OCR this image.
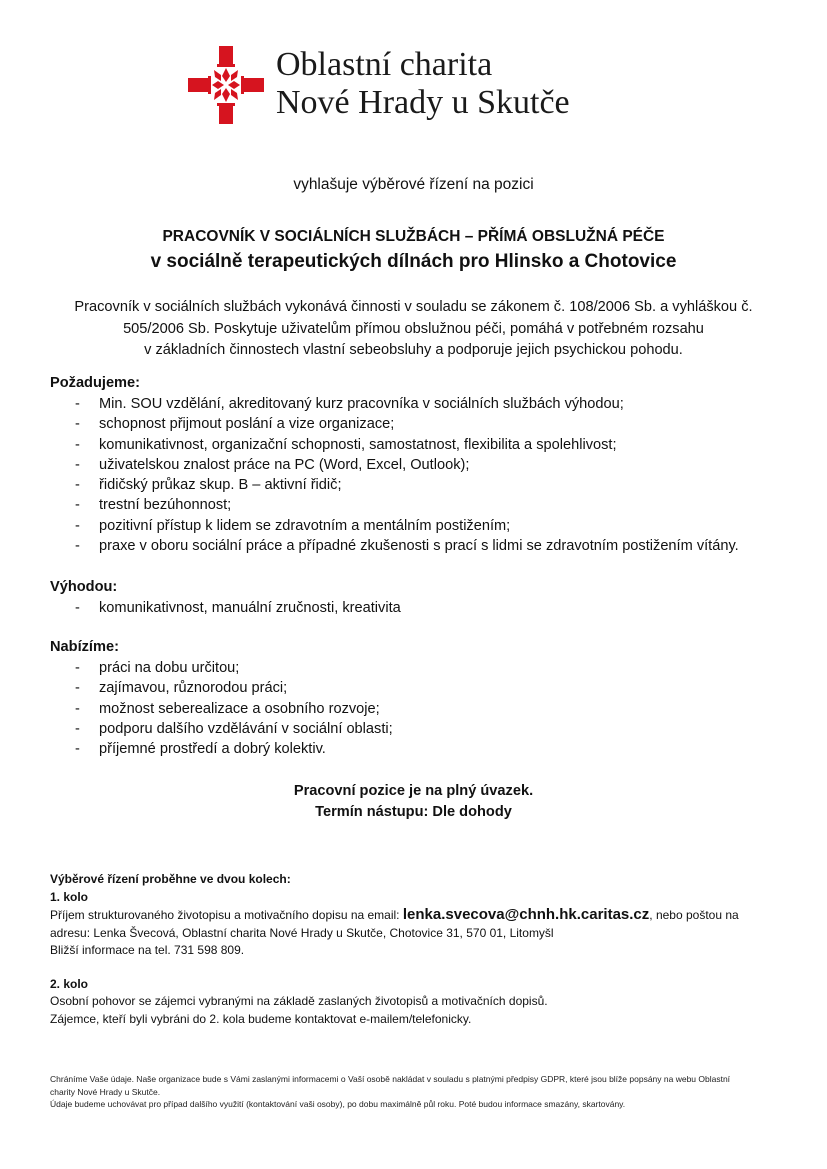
Oblastní charita
Nové Hrady u Skutče
vyhlašuje výběrové řízení na pozici
PRACOVNÍK V SOCIÁLNÍCH SLUŽBÁCH – PŘÍMÁ OBSLUŽNÁ PÉČE
v sociálně terapeutických dílnách pro Hlinsko a Chotovice
Pracovník v sociálních službách vykonává činnosti v souladu se zákonem č. 108/2006 Sb. a vyhláškou č.
505/2006 Sb. Poskytuje uživatelům přímou obslužnou péči, pomáhá v potřebném rozsahu
v základních činnostech vlastní sebeobsluhy a podporuje jejich psychickou pohodu.
Požadujeme:
- Min. SOU vzdělání, akreditovaný kurz pracovníka v sociálních službách výhodou;
- schopnost přijmout poslání a vize organizace;
- komunikativnost, organizační schopnosti, samostatnost, flexibilita a spolehlivost;
- uživatelskou znalost práce na PC (Word, Excel, Outlook);
- řidičský průkaz skup. B – aktivní řidič;
- trestní bezúhonnost;
- pozitivní přístup k lidem se zdravotním a mentálním postižením;
- praxe v oboru sociální práce a případné zkušenosti s prací s lidmi se zdravotním postižením vítány.
Výhodou:
- komunikativnost, manuální zručnosti, kreativita
Nabízíme:
- práci na dobu určitou;
- zajímavou, různorodou práci;
- možnost seberealizace a osobního rozvoje;
- podporu dalšího vzdělávání v sociální oblasti;
- příjemné prostředí a dobrý kolektiv.
Pracovní pozice je na plný úvazek.
Termín nástupu: Dle dohody

Výběrové řízení proběhne ve dvou kolech:

1. kolo

Příjem strukturovaného životopisu a motivačního dopisu na email: lenka.svecova@chnh.hk.caritas.cz, nebo poštou na

adresu: Lenka Švecová, Oblastní charita Nové Hrady u Skutče, Chotovice 31, 570 01, Litomyšl

Bližší informace na tel. 731 598 809.

2. kolo

Osobní pohovor se zájemci vybranými na základě zaslaných životopisů a motivačních dopisů.

Zájemce, kteří byli vybráni do 2. kola budeme kontaktovat e-mailem/telefonicky.

Chráníme Vaše údaje. Naše organizace bude s Vámi zaslanými informacemi o Vaší osobě nakládat v souladu s platnými předpisy GDPR, které jsou blíže popsány na webu Oblastní

charity Nové Hrady u Skutče.

Údaje budeme uchovávat pro případ dalšího využití (kontaktování vaši osoby), po dobu maximálně půl roku. Poté budou informace smazány, skartovány.
